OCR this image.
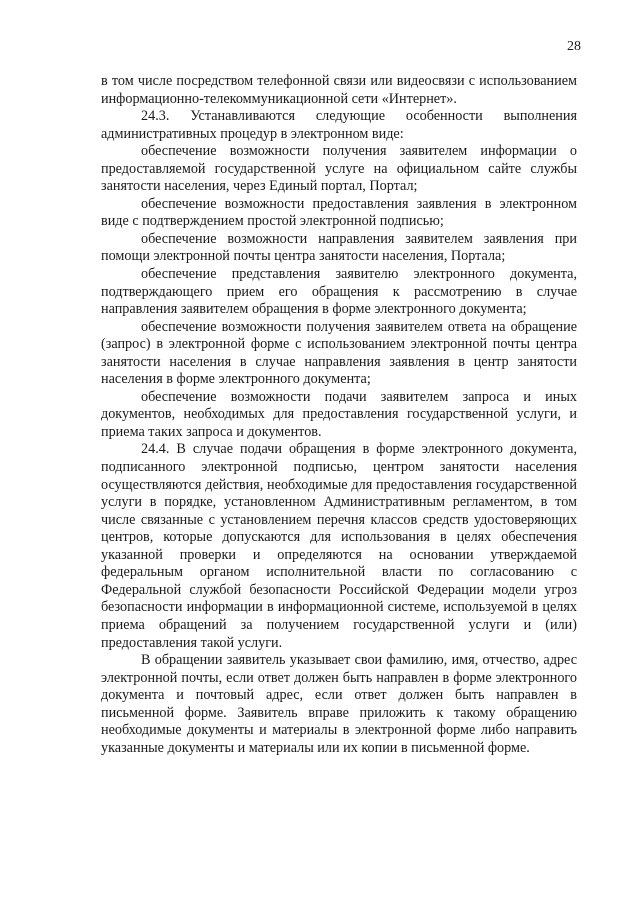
28

в том числе посредством телефонной связи или видеосвязи с использованием информационно-телекоммуникационной сети «Интернет».

24.3. Устанавливаются следующие особенности выполнения административных процедур в электронном виде:

обеспечение возможности получения заявителем информации о предоставляемой государственной услуге на официальном сайте службы занятости населения, через Единый портал, Портал;

обеспечение возможности предоставления заявления в электронном виде с подтверждением простой электронной подписью;

обеспечение возможности направления заявителем заявления при помощи электронной почты центра занятости населения, Портала;

обеспечение представления заявителю электронного документа, подтверждающего прием его обращения к рассмотрению в случае направления заявителем обращения в форме электронного документа;

обеспечение возможности получения заявителем ответа на обращение (запрос) в электронной форме с использованием электронной почты центра занятости населения в случае направления заявления в центр занятости населения в форме электронного документа;

обеспечение возможности подачи заявителем запроса и иных документов, необходимых для предоставления государственной услуги, и приема таких запроса и документов.

24.4. В случае подачи обращения в форме электронного документа, подписанного электронной подписью, центром занятости населения осуществляются действия, необходимые для предоставления государственной услуги в порядке, установленном Административным регламентом, в том числе связанные с установлением перечня классов средств удостоверяющих центров, которые допускаются для использования в целях обеспечения указанной проверки и определяются на основании утверждаемой федеральным органом исполнительной власти по согласованию с Федеральной службой безопасности Российской Федерации модели угроз безопасности информации в информационной системе, используемой в целях приема обращений за получением государственной услуги и (или) предоставления такой услуги.

В обращении заявитель указывает свои фамилию, имя, отчество, адрес электронной почты, если ответ должен быть направлен в форме электронного документа и почтовый адрес, если ответ должен быть направлен в письменной форме. Заявитель вправе приложить к такому обращению необходимые документы и материалы в электронной форме либо направить указанные документы и материалы или их копии в письменной форме.
